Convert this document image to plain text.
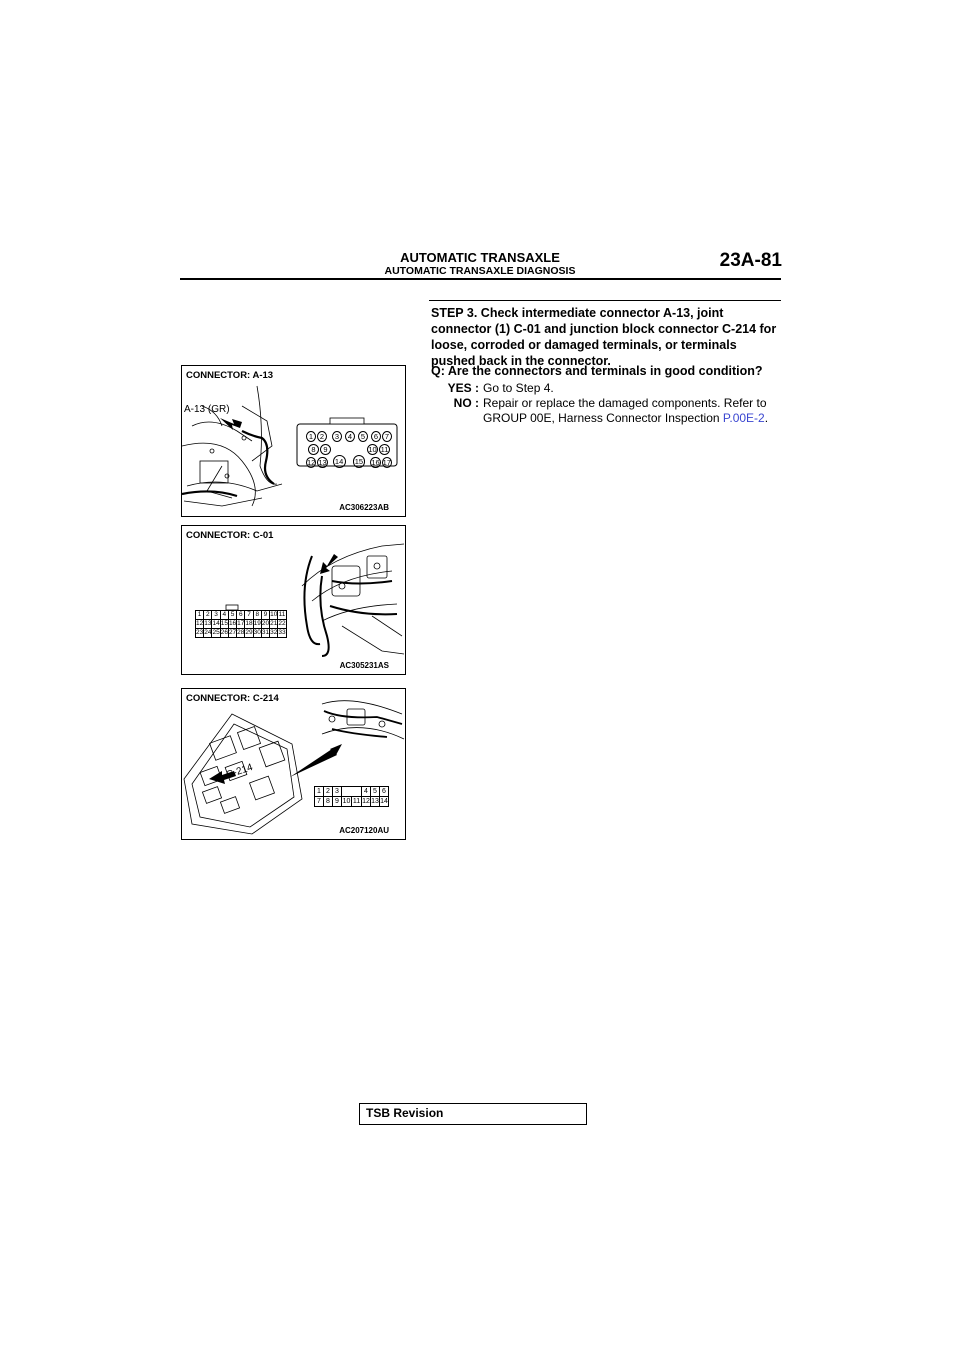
AUTOMATIC TRANSAXLE
AUTOMATIC TRANSAXLE DIAGNOSIS	23A-81
CONNECTOR: A-13
A-13 (GR)
AC306223AB
1 2	3	4	5	6 7
8	9	10 11
12 13 14 15 16 17
CONNECTOR: C-01
AC305231AS
1	2	3	4	5	6	7	8	9	10	11
12	13	14	15	16	17	18	19	20	21	22
23	24	25	26	27	28	29	30	31	32	33
CONNECTOR: C-214
C-214
AC207120AU
1	2	3			4	5	6
7	8	9	10	11	12	13	14
STEP 3. Check intermediate connector A-13, joint connector (1) C-01 and junction block connector C-214 for loose, corroded or damaged terminals, or terminals pushed back in the connector.
Q: Are the connectors and terminals in good condition?
YES : Go to Step 4.
NO : Repair or replace the damaged components. Refer to GROUP 00E, Harness Connector Inspection P.00E-2.
TSB Revision
